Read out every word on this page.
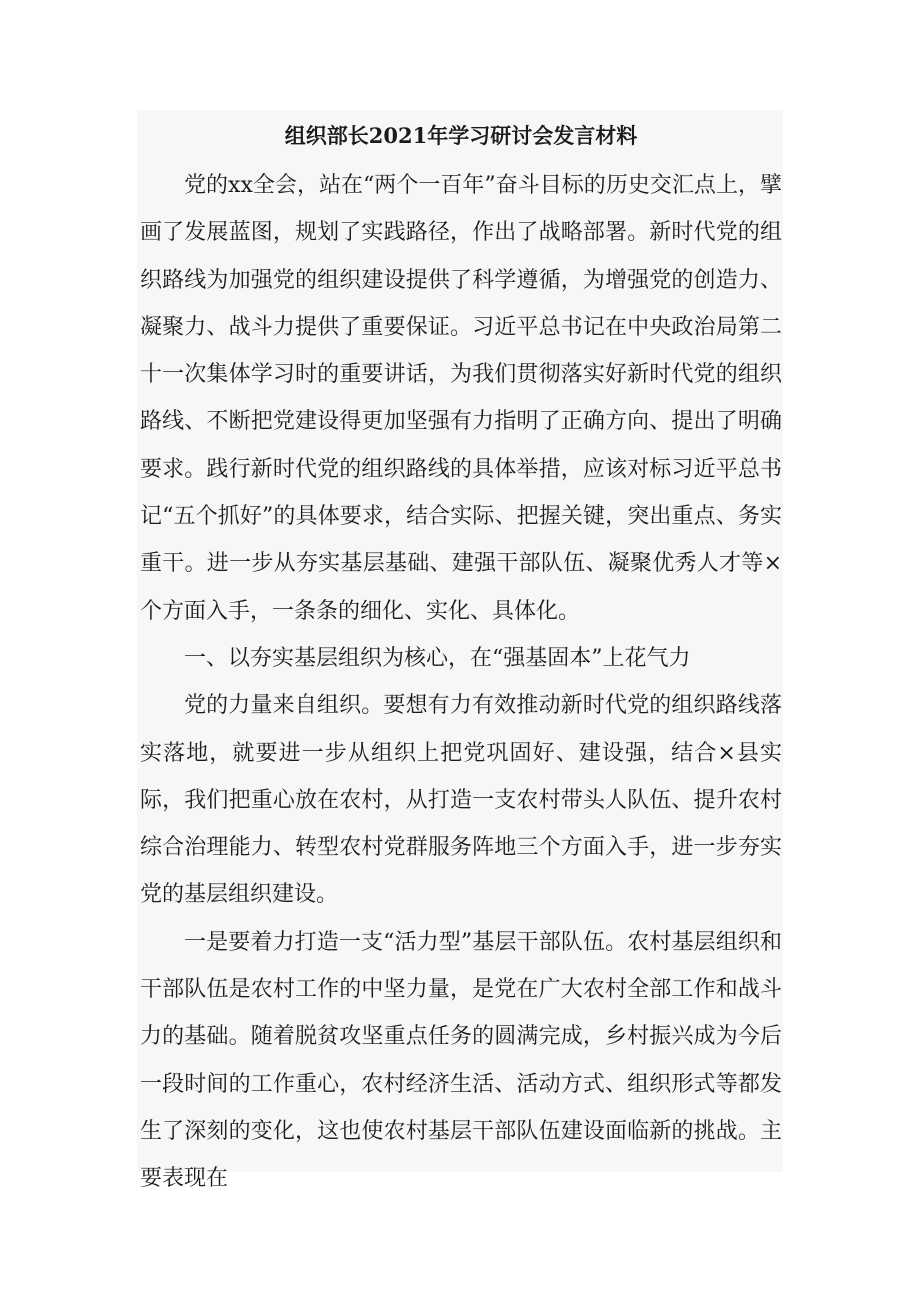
组织部长2021年学习研讨会发言材料

党的xx全会，站在“两个一百年”奋斗目标的历史交汇点上，擘画了发展蓝图，规划了实践路径，作出了战略部署。新时代党的组织路线为加强党的组织建设提供了科学遵循，为增强党的创造力、凝聚力、战斗力提供了重要保证。习近平总书记在中央政治局第二十一次集体学习时的重要讲话，为我们贯彻落实好新时代党的组织路线、不断把党建设得更加坚强有力指明了正确方向、提出了明确要求。践行新时代党的组织路线的具体举措，应该对标习近平总书记“五个抓好”的具体要求，结合实际、把握关键，突出重点、务实重干。进一步从夯实基层基础、建强干部队伍、凝聚优秀人才等×个方面入手，一条条的细化、实化、具体化。

一、以夯实基层组织为核心，在“强基固本”上花气力

党的力量来自组织。要想有力有效推动新时代党的组织路线落实落地，就要进一步从组织上把党巩固好、建设强，结合×县实际，我们把重心放在农村，从打造一支农村带头人队伍、提升农村综合治理能力、转型农村党群服务阵地三个方面入手，进一步夯实党的基层组织建设。

一是要着力打造一支“活力型”基层干部队伍。农村基层组织和干部队伍是农村工作的中坚力量，是党在广大农村全部工作和战斗力的基础。随着脱贫攻坚重点任务的圆满完成，乡村振兴成为今后一段时间的工作重心，农村经济生活、活动方式、组织形式等都发生了深刻的变化，这也使农村基层干部队伍建设面临新的挑战。主要表现在
